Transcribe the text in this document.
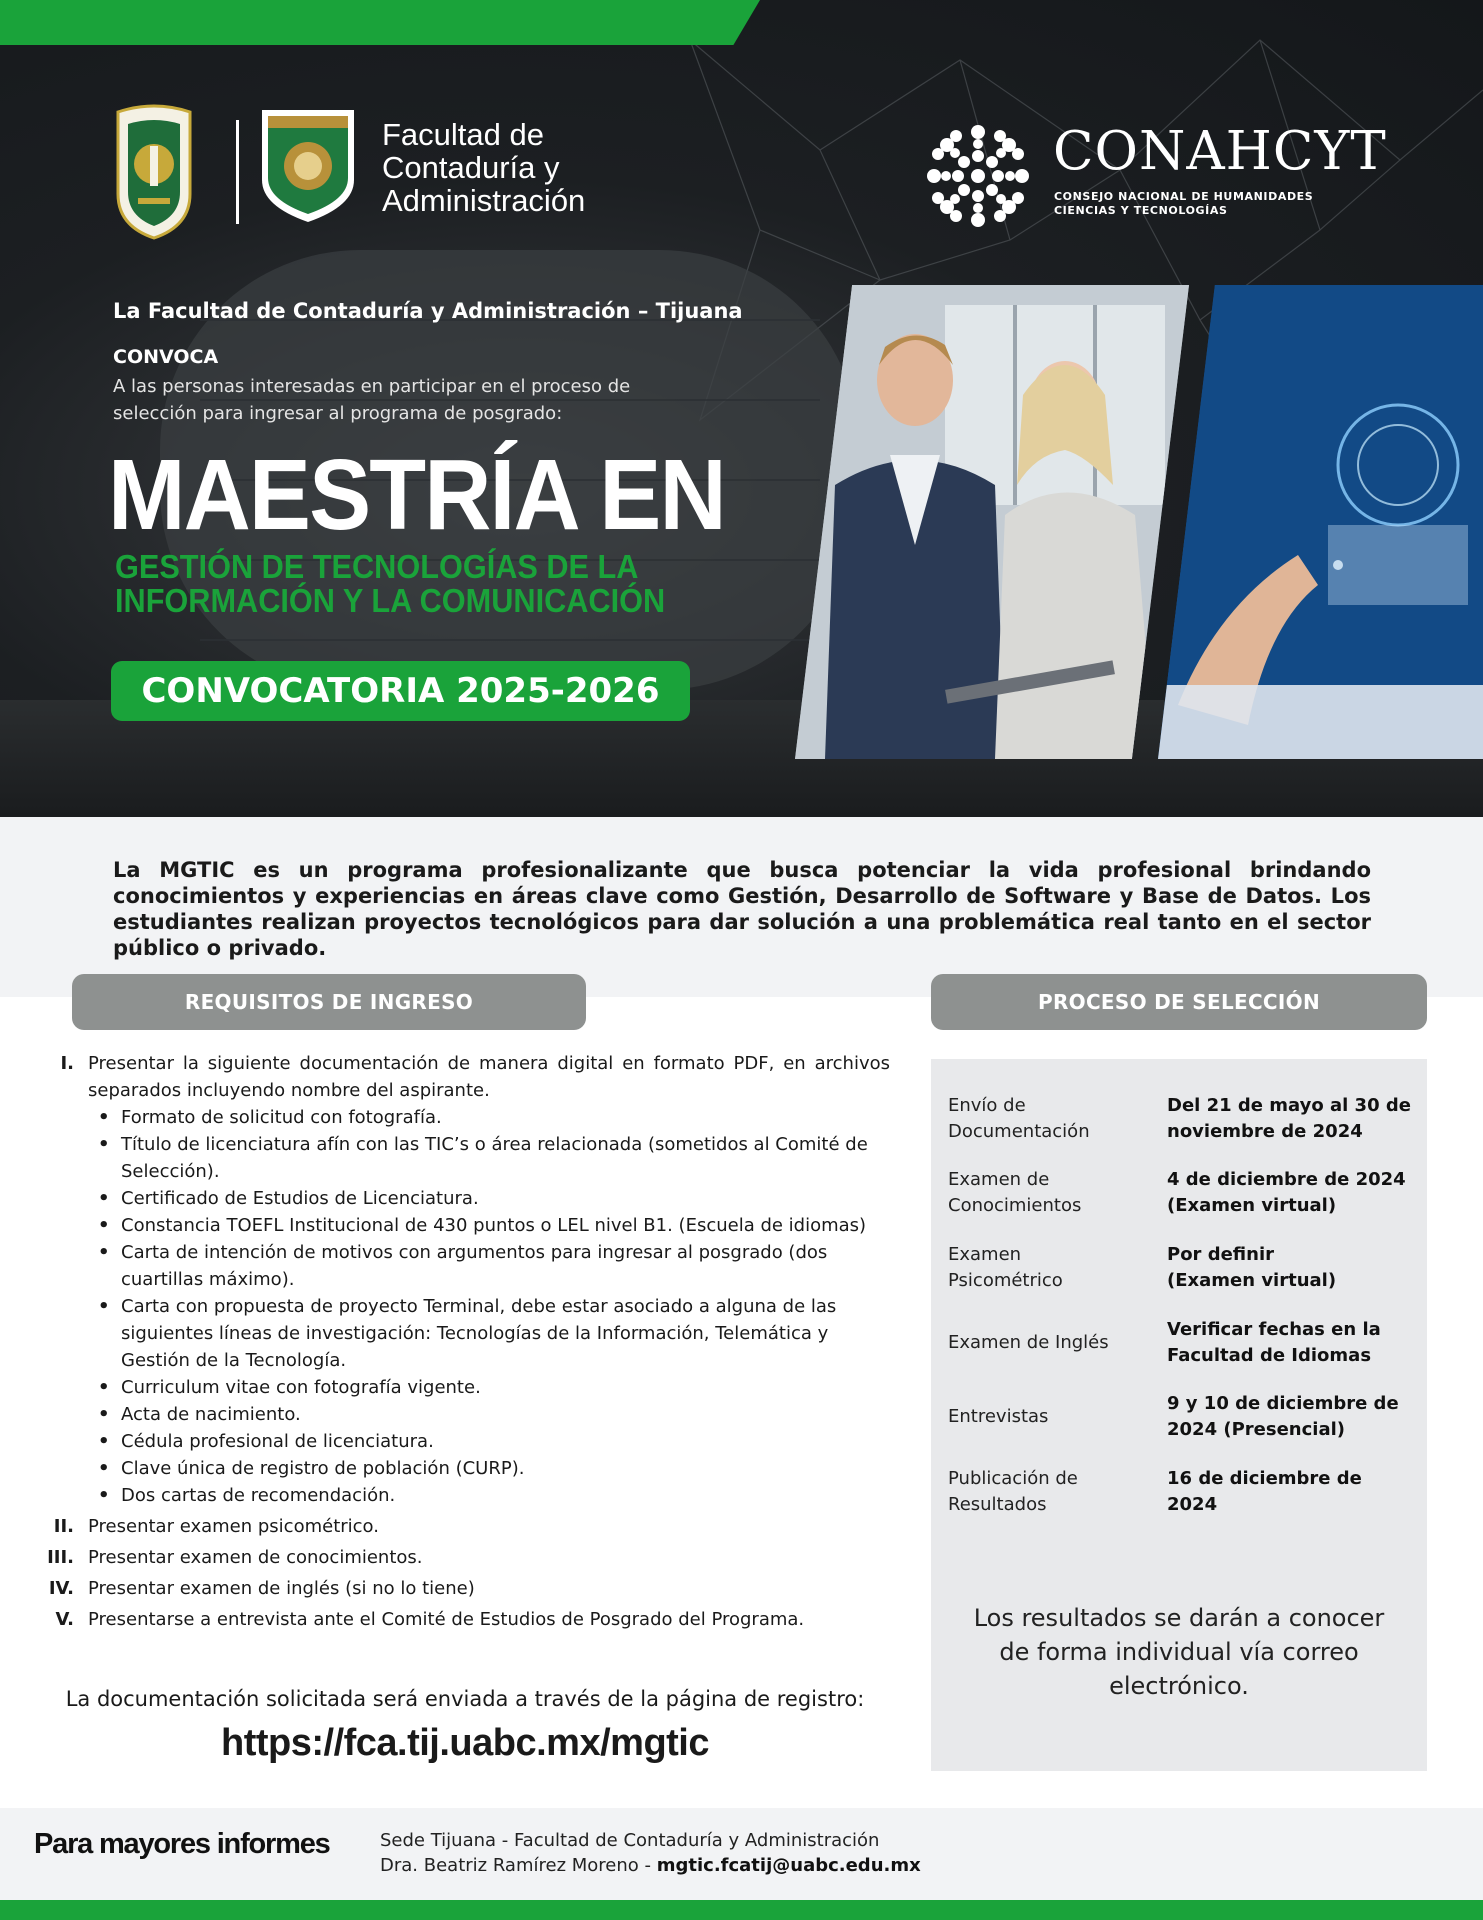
Facultad de
Contaduría y
Administración
CONAHCYT
CONSEJO NACIONAL DE HUMANIDADES
CIENCIAS Y TECNOLOGÍAS
La Facultad de Contaduría y Administración – Tijuana
CONVOCA
A las personas interesadas en participar en el proceso de
selección para ingresar al programa de posgrado:
MAESTRÍA EN
GESTIÓN DE TECNOLOGÍAS DE LA
INFORMACIÓN Y LA COMUNICACIÓN
CONVOCATORIA 2025-2026
La MGTIC es un programa profesionalizante que busca potenciar la vida profesional brindando conocimientos y experiencias en áreas clave como Gestión, Desarrollo de Software y Base de Datos. Los estudiantes realizan proyectos tecnológicos para dar solución a una problemática real tanto en el sector público o privado.
REQUISITOS DE INGRESO
I. Presentar la siguiente documentación de manera digital en formato PDF, en archivos separados incluyendo nombre del aspirante.
• Formato de solicitud con fotografía.
• Título de licenciatura afín con las TIC’s o área relacionada (sometidos al Comité de Selección).
• Certificado de Estudios de Licenciatura.
• Constancia TOEFL Institucional de 430 puntos o LEL nivel B1. (Escuela de idiomas)
• Carta de intención de motivos con argumentos para ingresar al posgrado (dos cuartillas máximo).
• Carta con propuesta de proyecto Terminal, debe estar asociado a alguna de las siguientes líneas de investigación: Tecnologías de la Información, Telemática y Gestión de la Tecnología.
• Curriculum vitae con fotografía vigente.
• Acta de nacimiento.
• Cédula profesional de licenciatura.
• Clave única de registro de población (CURP).
• Dos cartas de recomendación.
II. Presentar examen psicométrico.
III. Presentar examen de conocimientos.
IV. Presentar examen de inglés (si no lo tiene)
V. Presentarse a entrevista ante el Comité de Estudios de Posgrado del Programa.
La documentación solicitada será enviada a través de la página de registro:
https://fca.tij.uabc.mx/mgtic
PROCESO DE SELECCIÓN
Envío de Documentación
Del 21 de mayo al 30 de noviembre de 2024
Examen de Conocimientos
4 de diciembre de 2024 (Examen virtual)
Examen Psicométrico
Por definir (Examen virtual)
Examen de Inglés
Verificar fechas en la Facultad de Idiomas
Entrevistas
9 y 10 de diciembre de 2024 (Presencial)
Publicación de Resultados
16 de diciembre de 2024
Los resultados se darán a conocer de forma individual vía correo electrónico.
Para mayores informes	Sede Tijuana - Facultad de Contaduría y Administración
Dra. Beatriz Ramírez Moreno - mgtic.fcatij@uabc.edu.mx
